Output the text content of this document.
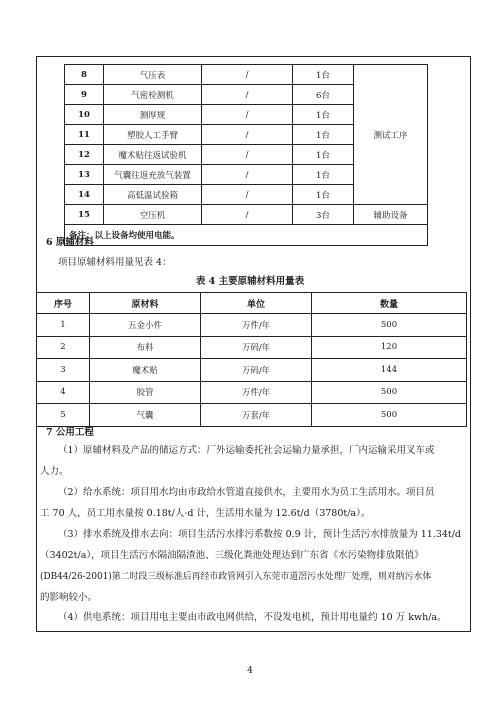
8	气压表	/	1台	测试工序
9	气密检测机	/	6台	
10	测厚规	/	1台	
11	塑胶人工手臂	/	1台	
12	魔术贴往返试验机	/	1台	
13	气囊往返充放气装置	/	1台	
14	高低温试验箱	/	1台	
15	空压机	/	3台	辅助设备
备注：以上设备均使用电能。				
6 原辅材料
项目原辅材料用量见表 4：
表 4 主要原辅材料用量表
序号	原材料	单位	数量
1	五金小件	万件/年	500
2	布料	万码/年	120
3	魔术贴	万码/年	144
4	胶管	万件/年	500
5	气囊	万套/年	500
7 公用工程
（1）原辅材料及产品的储运方式：厂外运输委托社会运输力量承担，厂内运输采用叉车或
人力。
（2）给水系统：项目用水均由市政给水管道直接供水，主要用水为员工生活用水。项目员
工 70 人，员工用水量按 0.18t/人·d 计，生活用水量为 12.6t/d（3780t/a）。
（3）排水系统及排水去向：项目生活污水排污系数按 0.9 计，预计生活污水排放量为 11.34t/d
（3402t/a），项目生活污水隔油隔渣池、三级化粪池处理达到广东省《水污染物排放限值》
(DB44/26-2001)第二时段三级标准后再经市政管网引入东莞市道滘污水处理厂处理，则对纳污水体
的影响较小。
（4）供电系统：项目用电主要由市政电网供给，不设发电机，预计用电量约 10 万 kwh/a。
4
